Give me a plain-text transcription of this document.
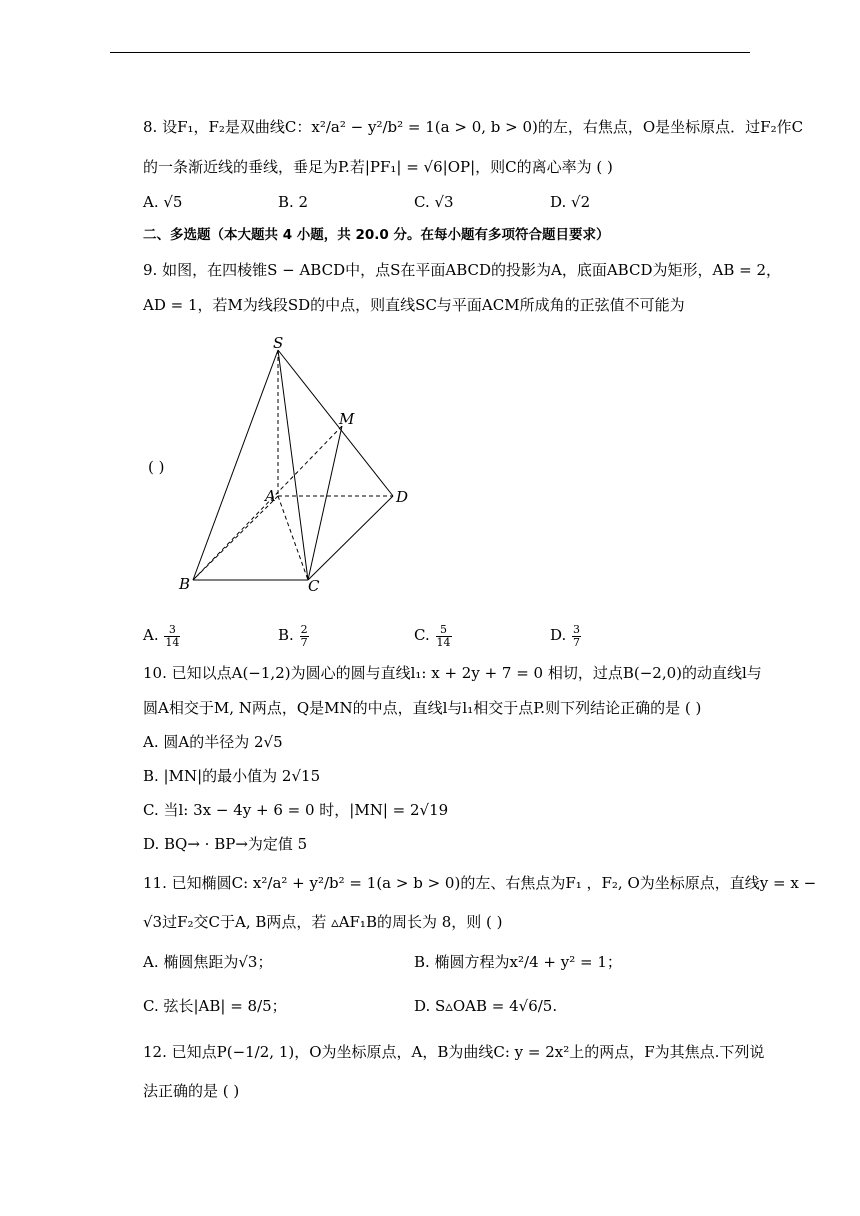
8. 设F₁，F₂是双曲线C：x²/a² − y²/b² = 1(a > 0, b > 0)的左，右焦点，O是坐标原点．过F₂作C
的一条渐近线的垂线，垂足为P.若|PF₁| = √6|OP|，则C的离心率为 ( )
A. √5	B. 2	C. √3	D. √2
二、多选题（本大题共 4 小题，共 20.0 分。在每小题有多项符合题目要求）
9. 如图，在四棱锥S − ABCD中，点S在平面ABCD的投影为A，底面ABCD为矩形，AB = 2，
AD = 1，若M为线段SD的中点，则直线SC与平面ACM所成角的正弦值不可能为
( )
S
M
A	D
B	C
A. $\frac{3}{14}$	B. $\frac{2}{7}$	C. $\frac{5}{14}$	D. $\frac{3}{7}$
10. 已知以点A(−1,2)为圆心的圆与直线l₁: x + 2y + 7 = 0 相切，过点B(−2,0)的动直线l与
圆A相交于M, N两点，Q是MN的中点，直线l与l₁相交于点P.则下列结论正确的是 ( )
A. 圆A的半径为 2√5
B. |MN|的最小值为 2√15
C. 当l: 3x − 4y + 6 = 0 时，|MN| = 2√19
D. BQ→ · BP→为定值 5
11. 已知椭圆C: x²/a² + y²/b² = 1(a > b > 0)的左、右焦点为F₁ ，F₂, O为坐标原点，直线y = x −
√3过F₂交C于A, B两点，若 ▵AF₁B的周长为 8，则 ( )
A. 椭圆焦距为√3；	B. 椭圆方程为x²/4 + y² = 1；
C. 弦长|AB| = 8/5；	D. S▵OAB = 4√6/5.
12. 已知点P(−1/2, 1)，O为坐标原点，A，B为曲线C: y = 2x²上的两点，F为其焦点.下列说
法正确的是 ( )
